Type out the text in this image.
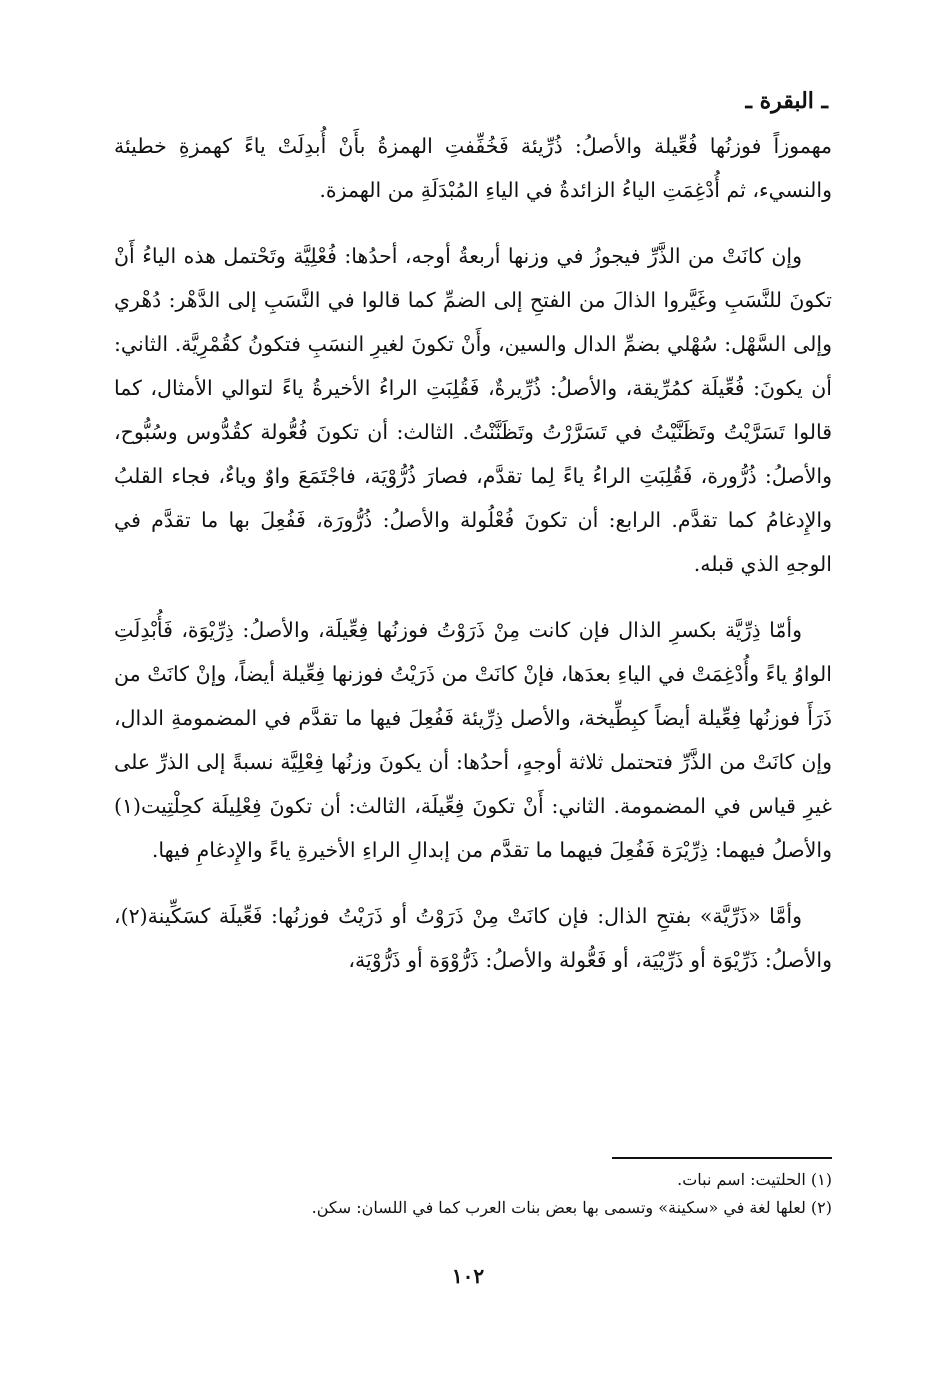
ـ البقرة ـ

مهموزاً فوزنُها فُعِّيلة والأصلُ: ذُرِّيئة فَخُفِّفتِ الهمزةُ بأَنْ أُبدِلَتْ ياءً كهمزةِ خطيئة والنسيء، ثم أُدْغِمَتِ الياءُ الزائدةُ في الياءِ المُبْدَلَةِ من الهمزة.

وإن كانَتْ من الذَّرِّ فيجوزُ في وزنها أربعةُ أوجه، أحدُها: فُعْلِيَّة وتَحْتمل هذه الياءُ أَنْ تكونَ للنَّسَبِ وغَيَّروا الذالَ من الفتحِ إلى الضمِّ كما قالوا في النَّسَبِ إلى الدَّهْر: دُهْري وإلى السَّهْل: سُهْلي بضمِّ الدال والسين، وأَنْ تكونَ لغيرِ النسَبِ فتكونُ كقُمْرِيَّة. الثاني: أن يكونَ: فُعِّيلَة كمُرِّيقة، والأصلُ: ذُرِّيرةٌ، فَقُلِبَتِ الراءُ الأخيرةُ ياءً لتوالي الأمثال، كما قالوا تَسَرَّيْتُ وتَظَنَّيْتُ في تَسَرَّرْتُ وتَظَنَّنْتُ. الثالث: أن تكونَ فُعُّولة كقُدُّوس وسُبُّوح، والأصلُ: ذُرُّورة، فَقُلِبَتِ الراءُ ياءً لِما تقدَّم، فصارَ ذُرُّوْيَة، فاجْتَمَعَ واوٌ وياءٌ، فجاء القلبُ والإِدغامُ كما تقدَّم. الرابع: أن تكونَ فُعْلُولة والأصلُ: ذُرُّورَة، فَفُعِلَ بها ما تقدَّم في الوجهِ الذي قبله.

وأمّا ذِرِّيَّة بكسرِ الذال فإن كانت مِنْ ذَرَوْتُ فوزنُها فِعِّيلَة، والأصلُ: ذِرِّيْوَة، فَأُبْدِلَتِ الواوُ ياءً وأُدْغِمَتْ في الياءِ بعدَها، فإنْ كانَتْ من ذَرَيْتُ فوزنها فِعِّيلة أيضاً، وإنْ كانَتْ من ذَرَأَ فوزنُها فِعِّيلة أيضاً كبِطِّيخة، والأصل ذِرِّيئة فَفُعِلَ فيها ما تقدَّم في المضمومةِ الدال، وإن كانَتْ من الذَّرِّ فتحتمل ثلاثة أوجهٍ، أحدُها: أن يكونَ وزنُها فِعْلِيَّة نسبةً إلى الذرِّ على غيرِ قياس في المضمومة. الثاني: أَنْ تكونَ فِعِّيلَة، الثالث: أن تكونَ فِعْلِيلَة كحِلْتِيت(١) والأصلُ فيهما: ذِرِّيْرَة فَفُعِلَ فيهما ما تقدَّم من إبدالِ الراءِ الأخيرةِ ياءً والإِدغامِ فيها.

وأمَّا «ذَرِّيَّة» بفتحِ الذال: فإن كانَتْ مِنْ ذَرَوْتُ أو ذَرَيْتُ فوزنُها: فَعِّيلَة كسَكِّينة(٢)، والأصلُ: ذَرِّيْوَة أو ذَرِّيْيَة، أو فَعُّولة والأصلُ: ذَرُّوْوَة أو ذَرُّوْيَة،

(١) الحلتيت: اسم نبات.
(٢) لعلها لغة في «سكينة» وتسمى بها بعض بنات العرب كما في اللسان: سكن.
١٠٢
